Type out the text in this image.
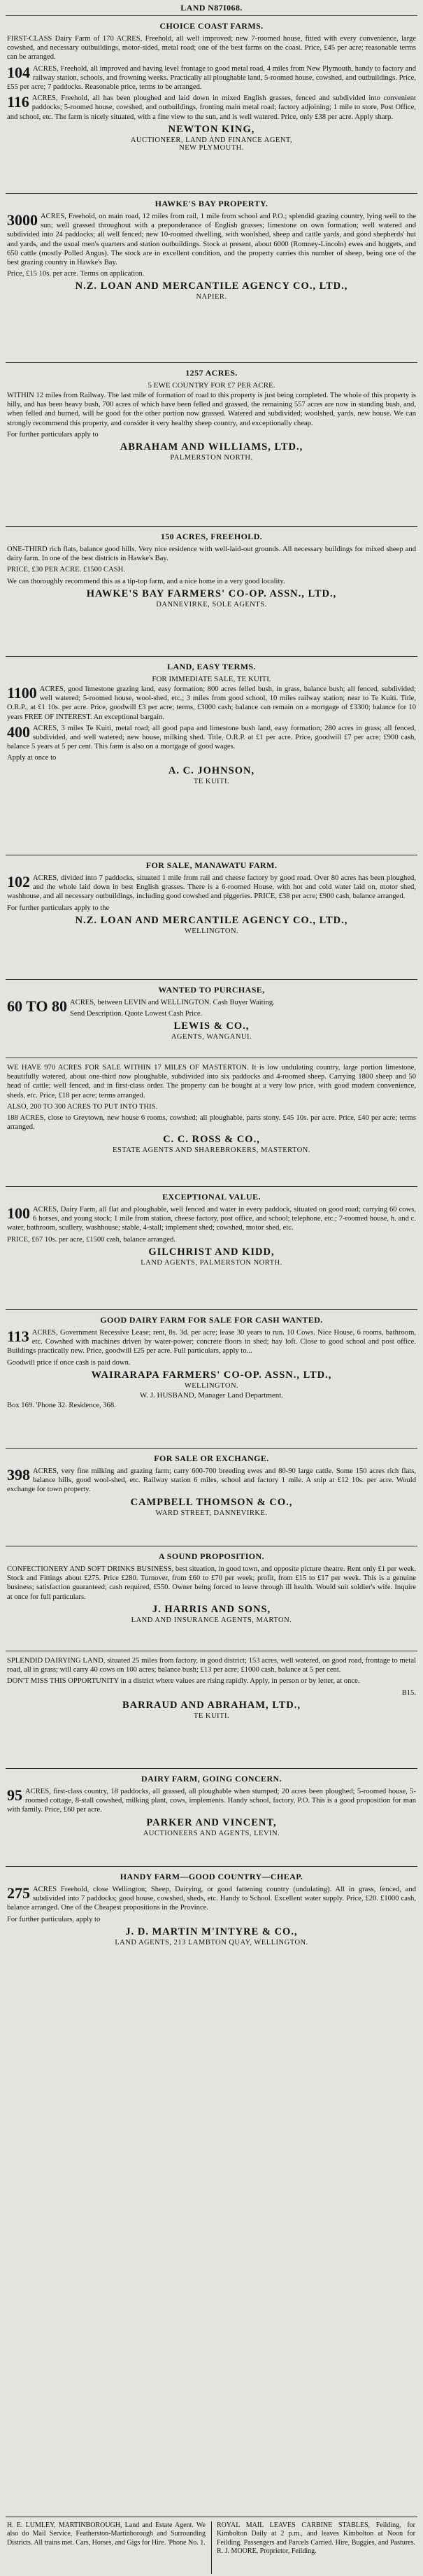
LAND N87I068.
CHOICE COAST FARMS.

FIRST-CLASS Dairy Farm of 170 ACRES, Freehold, all well improved; new 7-roomed house, fitted with every convenience, large cowshed, and necessary outbuildings, motor-sided, metal road; one of the best farms on the coast. Price, £45 per acre; reasonable terms can be arranged.

104 ACRES, Freehold, all improved and having level frontage to good metal road, 4 miles from New Plymouth, handy to factory and railway station, schools, and frowning weeks. Practically all ploughable land, 5-roomed house, cowshed, and outbuildings. Price, £55 per acre; 7 paddocks. Reasonable price, terms to be arranged.

116 ACRES, Freehold, all has been ploughed and laid down in mixed English grasses, fenced and subdivided into convenient paddocks; 5-roomed house, cowshed, and outbuildings, fronting main metal road; factory adjoining; 1 mile to store, Post Office, and school, etc. The farm is nicely situated, with a fine view to the sun, and is well watered. Price, only £38 per acre. Apply sharp.

NEWTON KING,
AUCTIONEER, LAND AND FINANCE AGENT,
NEW PLYMOUTH.
HAWKE'S BAY PROPERTY.

3000 ACRES, Freehold, on main road, 12 miles from rail, 1 mile from school and P.O.; splendid grazing country, lying well to the sun; well grassed throughout with a preponderance of English grasses; limestone on own formation; well watered and subdivided into 24 paddocks; all well fenced; new 10-roomed dwelling, with woolshed, sheep and cattle yards, and good shepherds' hut and yards, and the usual men's quarters and station outbuildings. Stock at present, about 6000 (Romney-Lincoln) ewes and hoggets, and 650 cattle (mostly Polled Angus). The stock are in excellent condition, and the property carries this number of sheep, being one of the best grazing country in Hawke's Bay.

Price, £15 10s. per acre. Terms on application.

N.Z. LOAN AND MERCANTILE AGENCY CO., LTD.,
NAPIER.
1257 ACRES.
5 EWE COUNTRY FOR £7 PER ACRE.

WITHIN 12 miles from Railway. The last mile of formation of road to this property is just being completed. The whole of this property is hilly, and has been heavy bush, 700 acres of which have been felled and grassed, the remaining 557 acres are now in standing bush, and, when felled and burned, will be good for the other portion now grassed. Watered and subdivided; woolshed, yards, new house. We can strongly recommend this property, and consider it very healthy sheep country, and exceptionally cheap.

For further particulars apply to

ABRAHAM AND WILLIAMS, LTD.,
PALMERSTON NORTH.
150 ACRES, FREEHOLD.

ONE-THIRD rich flats, balance good hills. Very nice residence with well-laid-out grounds. All necessary buildings for mixed sheep and dairy farm. In one of the best districts in Hawke's Bay.

PRICE, £30 PER ACRE. £1500 CASH.

We can thoroughly recommend this as a tip-top farm, and a nice home in a very good locality.

HAWKE'S BAY FARMERS' CO-OP. ASSN., LTD.,
DANNEVIRKE, SOLE AGENTS.
LAND, EASY TERMS.
FOR IMMEDIATE SALE, TE KUITI.

1100 ACRES, good limestone grazing land, easy formation; 800 acres felled bush, in grass, balance bush; all fenced, subdivided; well watered; 5-roomed house, wool-shed, etc.; 3 miles from good school, 10 miles railway station; near to Te Kuiti. Title, O.R.P., at £1 10s. per acre. Price, goodwill £3 per acre; terms, £3000 cash; balance can remain on a mortgage of £3300; balance for 10 years FREE OF INTEREST. An exceptional bargain.

400 ACRES, 3 miles Te Kuiti, metal road; all good papa and limestone bush land, easy formation; 280 acres in grass; all fenced, subdivided, and well watered; new house, milking shed. Title, O.R.P. at £1 per acre. Price, goodwill £7 per acre; £900 cash, balance 5 years at 5 per cent. This farm is also on a mortgage of good wages.

Apply at once to

A. C. JOHNSON,
TE KUITI.
FOR SALE, MANAWATU FARM.

102 ACRES, divided into 7 paddocks, situated 1 mile from rail and cheese factory by good road. Over 80 acres has been ploughed, and the whole laid down in best English grasses. There is a 6-roomed House, with hot and cold water laid on, motor shed, washhouse, and all necessary outbuildings, including good cowshed and piggeries. PRICE, £38 per acre; £900 cash, balance arranged.

For further particulars apply to the

N.Z. LOAN AND MERCANTILE AGENCY CO., LTD.,
WELLINGTON.
WANTED TO PURCHASE,

60 TO 80 ACRES, between LEVIN and WELLINGTON. Cash Buyer Waiting.

Send Description. Quote Lowest Cash Price.

LEWIS & CO.,
AGENTS, WANGANUI.

WE HAVE 970 ACRES FOR SALE WITHIN 17 MILES OF MASTERTON. It is low undulating country, large portion limestone, beautifully watered, about one-third now ploughable, subdivided into six paddocks and 4-roomed sheep. Carrying 1800 sheep and 50 head of cattle; well fenced, and in first-class order. The property can be bought at a very low price, with good modern convenience, sheds, etc. Price, £18 per acre; terms arranged.

ALSO, 200 TO 300 ACRES TO PUT INTO THIS.

188 ACRES, close to Greytown, new house 6 rooms, cowshed; all ploughable, parts stony. £45 10s. per acre. Price, £40 per acre; terms arranged.

C. C. ROSS & CO.,
ESTATE AGENTS AND SHAREBROKERS, MASTERTON.
EXCEPTIONAL VALUE.

100 ACRES, Dairy Farm, all flat and ploughable, well fenced and water in every paddock, situated on good road; carrying 60 cows, 6 horses, and young stock; 1 mile from station, cheese factory, post office, and school; telephone, etc.; 7-roomed house, h. and c. water, bathroom, scullery, washhouse; stable, 4-stall; implement shed; cowshed, motor shed, etc.

PRICE, £67 10s. per acre, £1500 cash, balance arranged.

GILCHRIST AND KIDD,
LAND AGENTS, PALMERSTON NORTH.
GOOD DAIRY FARM FOR SALE FOR CASH WANTED.

113 ACRES, Government Recessive Lease; rent, 8s. 3d. per acre; lease 30 years to run. 10 Cows. Nice House, 6 rooms, bathroom, etc. Cowshed with machines driven by water-power; concrete floors in shed; hay loft. Close to good school and post office. Buildings practically new. Price, goodwill £25 per acre. Full particulars, apply to...

Goodwill price if once cash is paid down.

WAIRARAPA FARMERS' CO-OP. ASSN., LTD.,
WELLINGTON.
W. J. HUSBAND, Manager Land Department.

Box 169. 'Phone 32. Residence, 368.

FOR SALE OR EXCHANGE.

398 ACRES, very fine milking and grazing farm; carry 600-700 breeding ewes and 80-90 large cattle. Some 150 acres rich flats, balance hills, good wool-shed, etc. Railway station 6 miles, school and factory 1 mile. A snip at £12 10s. per acre. Would exchange for town property.

CAMPBELL THOMSON & CO.,
WARD STREET, DANNEVIRKE.
A SOUND PROPOSITION.

CONFECTIONERY AND SOFT DRINKS BUSINESS, best situation, in good town, and opposite picture theatre. Rent only £1 per week. Stock and Fittings about £275. Price £280. Turnover, from £60 to £70 per week; profit, from £15 to £17 per week. This is a genuine business; satisfaction guaranteed; cash required, £550. Owner being forced to leave through ill health. Would suit soldier's wife. Inquire at once for full particulars.

J. HARRIS AND SONS,
LAND AND INSURANCE AGENTS, MARTON.

SPLENDID DAIRYING LAND, situated 25 miles from factory, in good district; 153 acres, well watered, on good road, frontage to metal road, all in grass; will carry 40 cows on 100 acres; balance bush; £13 per acre; £1000 cash, balance at 5 per cent.

DON'T MISS THIS OPPORTUNITY in a district where values are rising rapidly. Apply, in person or by letter, at once.

B15.

BARRAUD AND ABRAHAM, LTD.,
TE KUITI.
DAIRY FARM, GOING CONCERN.

95 ACRES, first-class country, 18 paddocks, all grassed, all ploughable when stumped; 20 acres been ploughed; 5-roomed house, 5-roomed cottage, 8-stall cowshed, milking plant, cows, implements. Handy school, factory, P.O. This is a good proposition for man with family. Price, £60 per acre.

PARKER AND VINCENT,
AUCTIONEERS AND AGENTS, LEVIN.
HANDY FARM—GOOD COUNTRY—CHEAP.

275 ACRES Freehold, close Wellington; Sheep, Dairying, or good fattening country (undulating). All in grass, fenced, and subdivided into 7 paddocks; good house, cowshed, sheds, etc. Handy to School. Excellent water supply. Price, £20. £1000 cash, balance arranged. One of the Cheapest propositions in the Province.

For further particulars, apply to

J. D. MARTIN M'INTYRE & CO.,
LAND AGENTS, 213 LAMBTON QUAY, WELLINGTON.

H. E. LUMLEY, MARTINBOROUGH, Land and Estate Agent. We also do Mail Service, Featherston-Martinborough and Surrounding Districts. All trains met. Cars, Horses, and Gigs for Hire. 'Phone No. 1.

ROYAL MAIL LEAVES CARBINE STABLES, Feilding, for Kimbolton Daily at 2 p.m., and leaves Kimbolton at Noon for Feilding. Passengers and Parcels Carried. Hire, Buggies, and Pastures. R. J. MOORE, Proprietor, Feilding.
